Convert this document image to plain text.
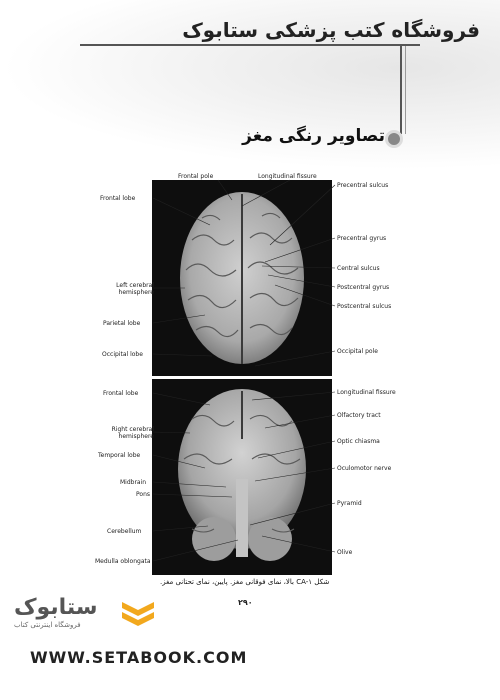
فروشگاه کتب پزشکی ستابوک
تصاویر رنگی مغز
Frontal pole
Frontal lobe
Left cerebral hemisphere
Parietal lobe
Occipital lobe
Longitudinal fissure
Precentral sulcus
Precentral gyrus
Central sulcus
Postcentral gyrus
Postcentral sulcus
Occipital pole
Frontal lobe
Right cerebral hemisphere
Temporal lobe
Midbrain
Pons
Cerebellum
Medulla oblongata
Longitudinal fissure
Olfactory tract
Optic chiasma
Oculomotor nerve
Pyramid
Olive
شکل CA-۱ بالا، نمای فوقانی مغز. پایین، نمای تحتانی مغز.
۲۹۰
ستابوک
فروشگاه اینترنتی کتاب
WWW.SETABOOK.COM
